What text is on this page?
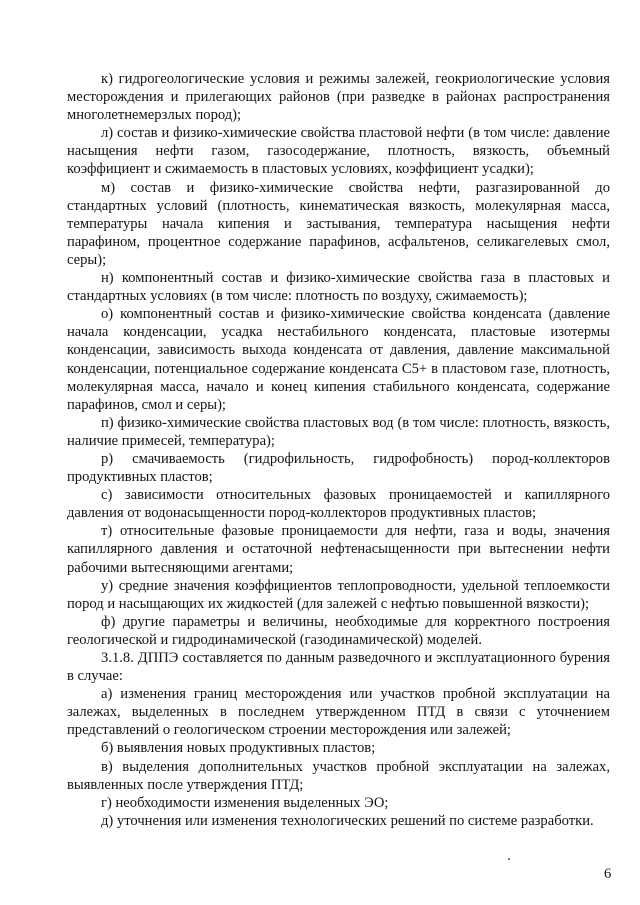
к) гидрогеологические условия и режимы залежей, геокриологические условия месторождения и прилегающих районов (при разведке в районах распространения многолетнемерзлых пород);

л) состав и физико-химические свойства пластовой нефти (в том числе: давление насыщения нефти газом, газосодержание, плотность, вязкость, объемный коэффициент и сжимаемость в пластовых условиях, коэффициент усадки);

м) состав и физико-химические свойства нефти, разгазированной до стандартных условий (плотность, кинематическая вязкость, молекулярная масса, температуры начала кипения и застывания, температура насыщения нефти парафином, процентное содержание парафинов, асфальтенов, селикагелевых смол, серы);

н) компонентный состав и физико-химические свойства газа в пластовых и стандартных условиях (в том числе: плотность по воздуху, сжимаемость);

о) компонентный состав и физико-химические свойства конденсата (давление начала конденсации, усадка нестабильного конденсата, пластовые изотермы конденсации, зависимость выхода конденсата от давления, давление максимальной конденсации, потенциальное содержание конденсата С5+ в пластовом газе, плотность, молекулярная масса, начало и конец кипения стабильного конденсата, содержание парафинов, смол и серы);

п) физико-химические свойства пластовых вод (в том числе: плотность, вязкость, наличие примесей, температура);

р) смачиваемость (гидрофильность, гидрофобность) пород-коллекторов продуктивных пластов;

с) зависимости относительных фазовых проницаемостей и капиллярного давления от водонасыщенности пород-коллекторов продуктивных пластов;

т) относительные фазовые проницаемости для нефти, газа и воды, значения капиллярного давления и остаточной нефтенасыщенности при вытеснении нефти рабочими вытесняющими агентами;

у) средние значения коэффициентов теплопроводности, удельной теплоемкости пород и насыщающих их жидкостей (для залежей с нефтью повышенной вязкости);

ф) другие параметры и величины, необходимые для корректного построения геологической и гидродинамической (газодинамической) моделей.

3.1.8. ДППЭ составляется по данным разведочного и эксплуатационного бурения в случае:

а) изменения границ месторождения или участков пробной эксплуатации на залежах, выделенных в последнем утвержденном ПТД в связи с уточнением представлений о геологическом строении месторождения или залежей;

б) выявления новых продуктивных пластов;

в) выделения дополнительных участков пробной эксплуатации на залежах, выявленных после утверждения ПТД;

г) необходимости изменения выделенных ЭО;

д) уточнения или изменения технологических решений по системе разработки.

6
